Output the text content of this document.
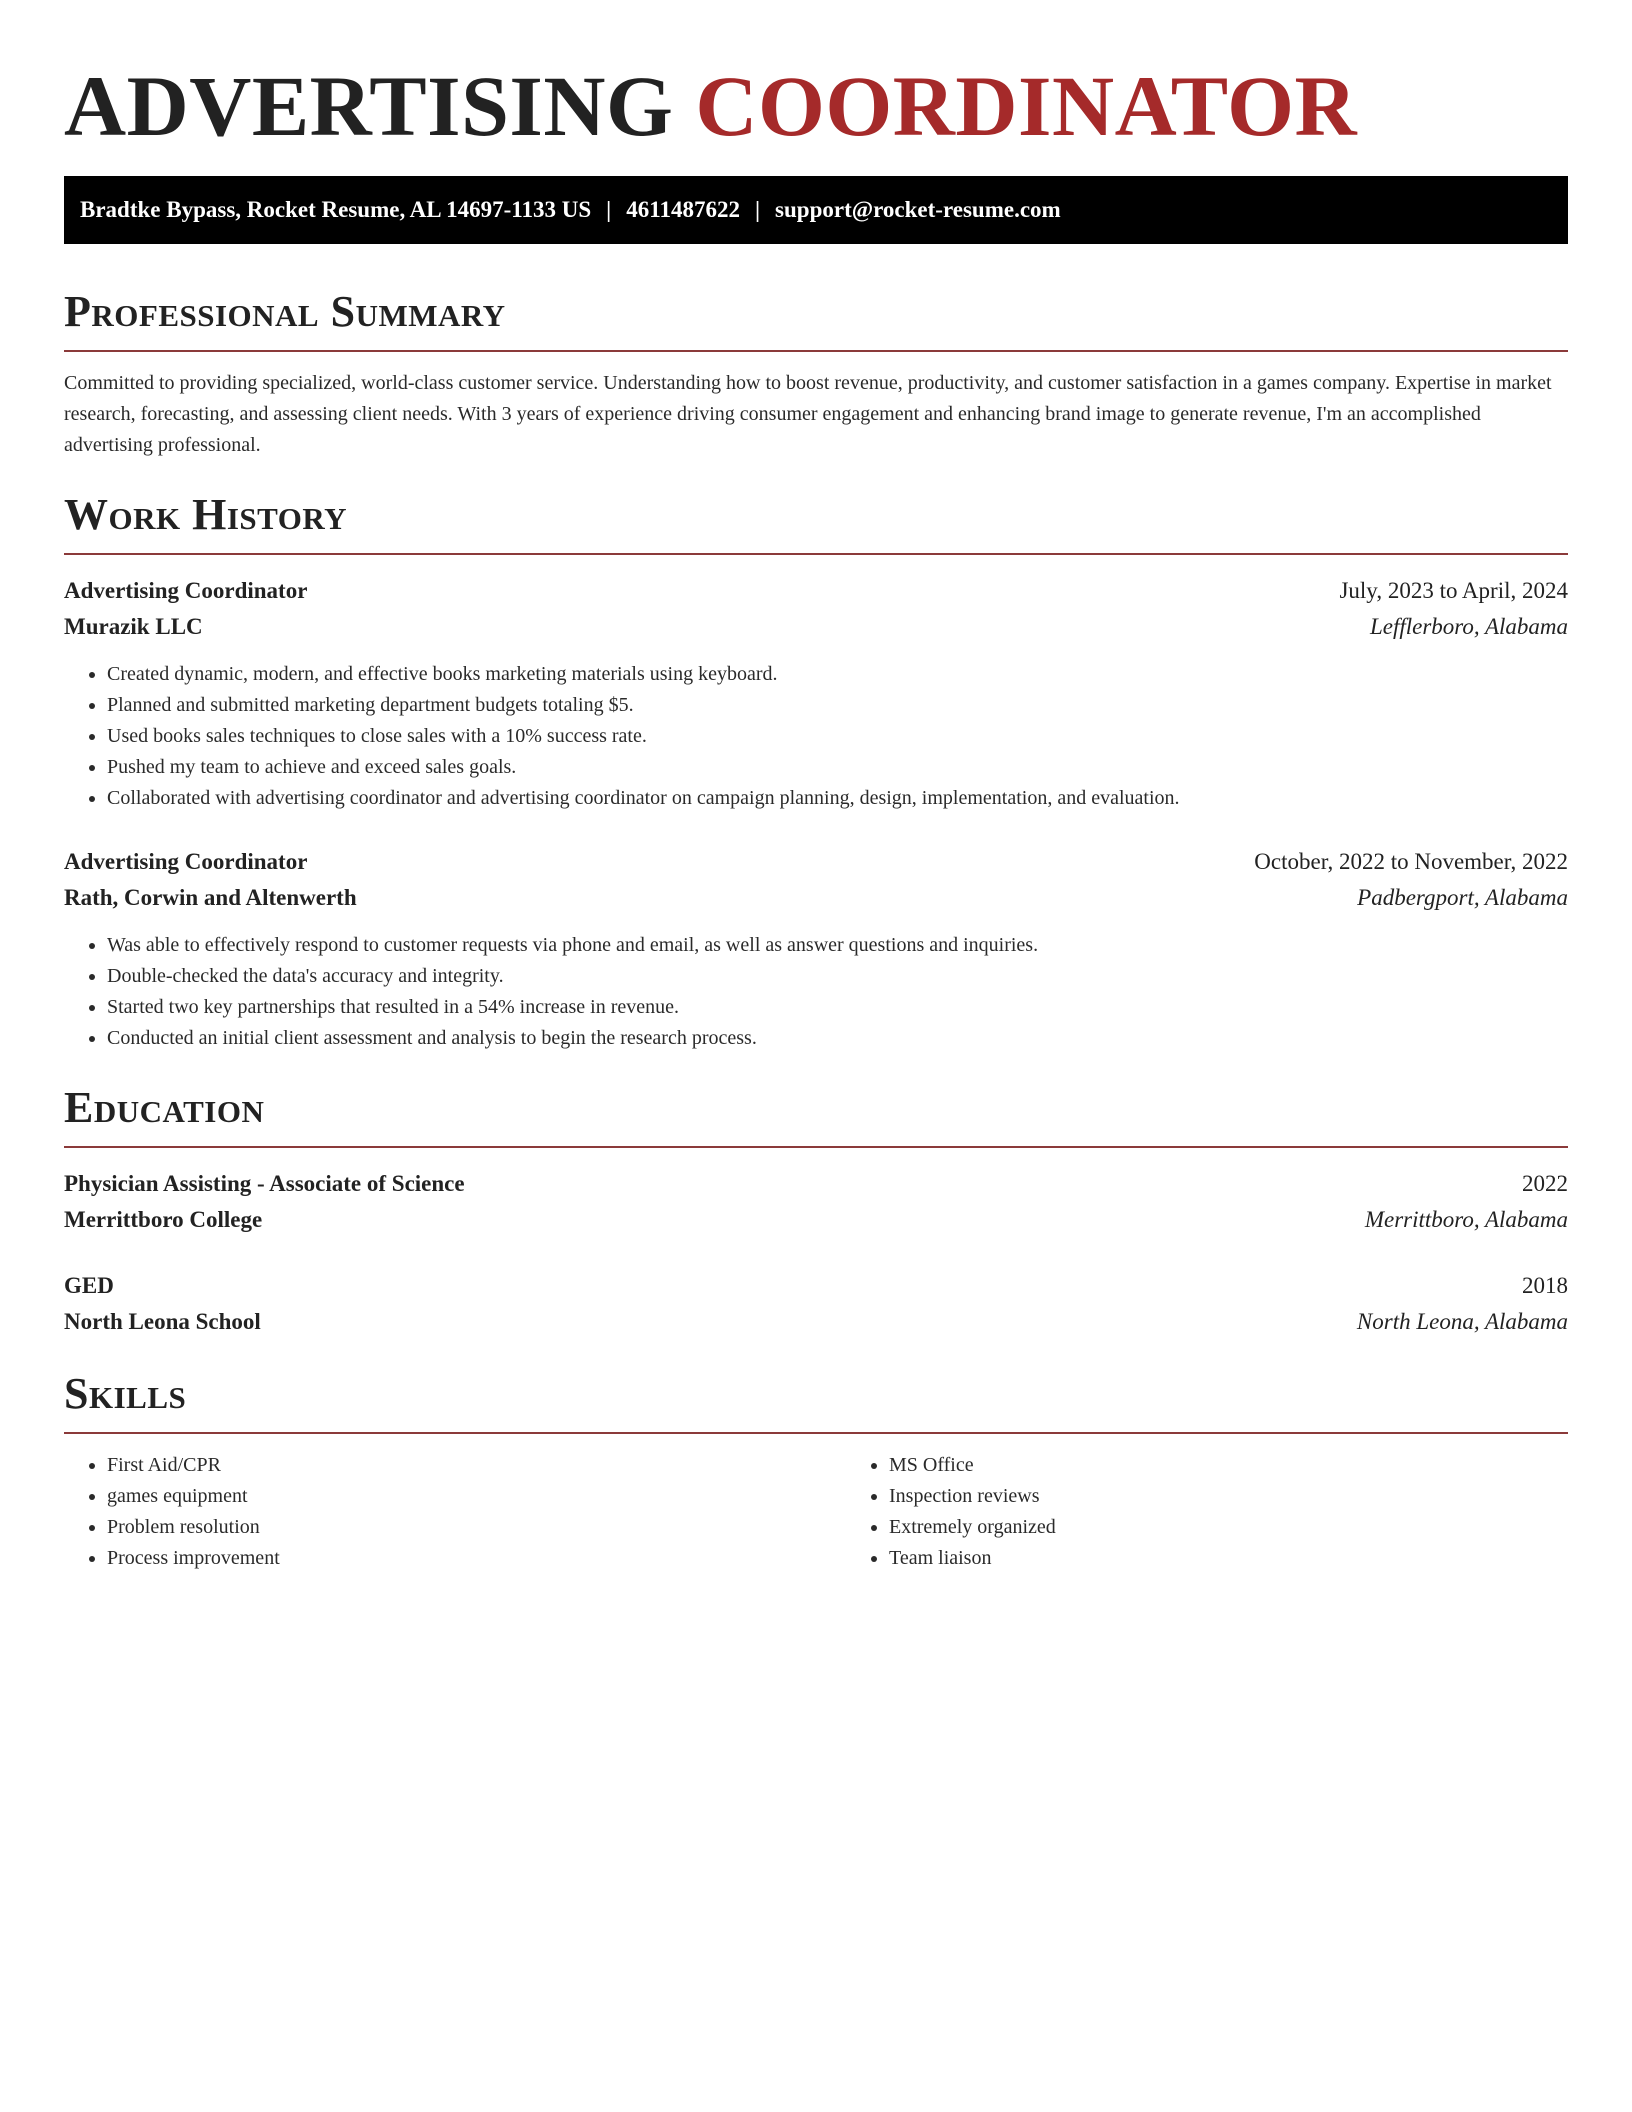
ADVERTISING COORDINATOR
Bradtke Bypass, Rocket Resume, AL 14697-1133 US | 4611487622 | support@rocket-resume.com
Professional Summary

Committed to providing specialized, world-class customer service. Understanding how to boost revenue, productivity, and customer satisfaction in a games company. Expertise in market research, forecasting, and assessing client needs. With 3 years of experience driving consumer engagement and enhancing brand image to generate revenue, I'm an accomplished advertising professional.

Work History
Advertising Coordinator	July, 2023 to April, 2024
Murazik LLC	Lefflerboro, Alabama
• Created dynamic, modern, and effective books marketing materials using keyboard.
• Planned and submitted marketing department budgets totaling $5.
• Used books sales techniques to close sales with a 10% success rate.
• Pushed my team to achieve and exceed sales goals.
• Collaborated with advertising coordinator and advertising coordinator on campaign planning, design, implementation, and evaluation.
Advertising Coordinator	October, 2022 to November, 2022
Rath, Corwin and Altenwerth	Padbergport, Alabama
• Was able to effectively respond to customer requests via phone and email, as well as answer questions and inquiries.
• Double-checked the data's accuracy and integrity.
• Started two key partnerships that resulted in a 54% increase in revenue.
• Conducted an initial client assessment and analysis to begin the research process.
Education
Physician Assisting - Associate of Science	2022
Merrittboro College	Merrittboro, Alabama
GED	2018
North Leona School	North Leona, Alabama
Skills
• First Aid/CPR
• games equipment
• Problem resolution
• Process improvement
• MS Office
• Inspection reviews
• Extremely organized
• Team liaison
